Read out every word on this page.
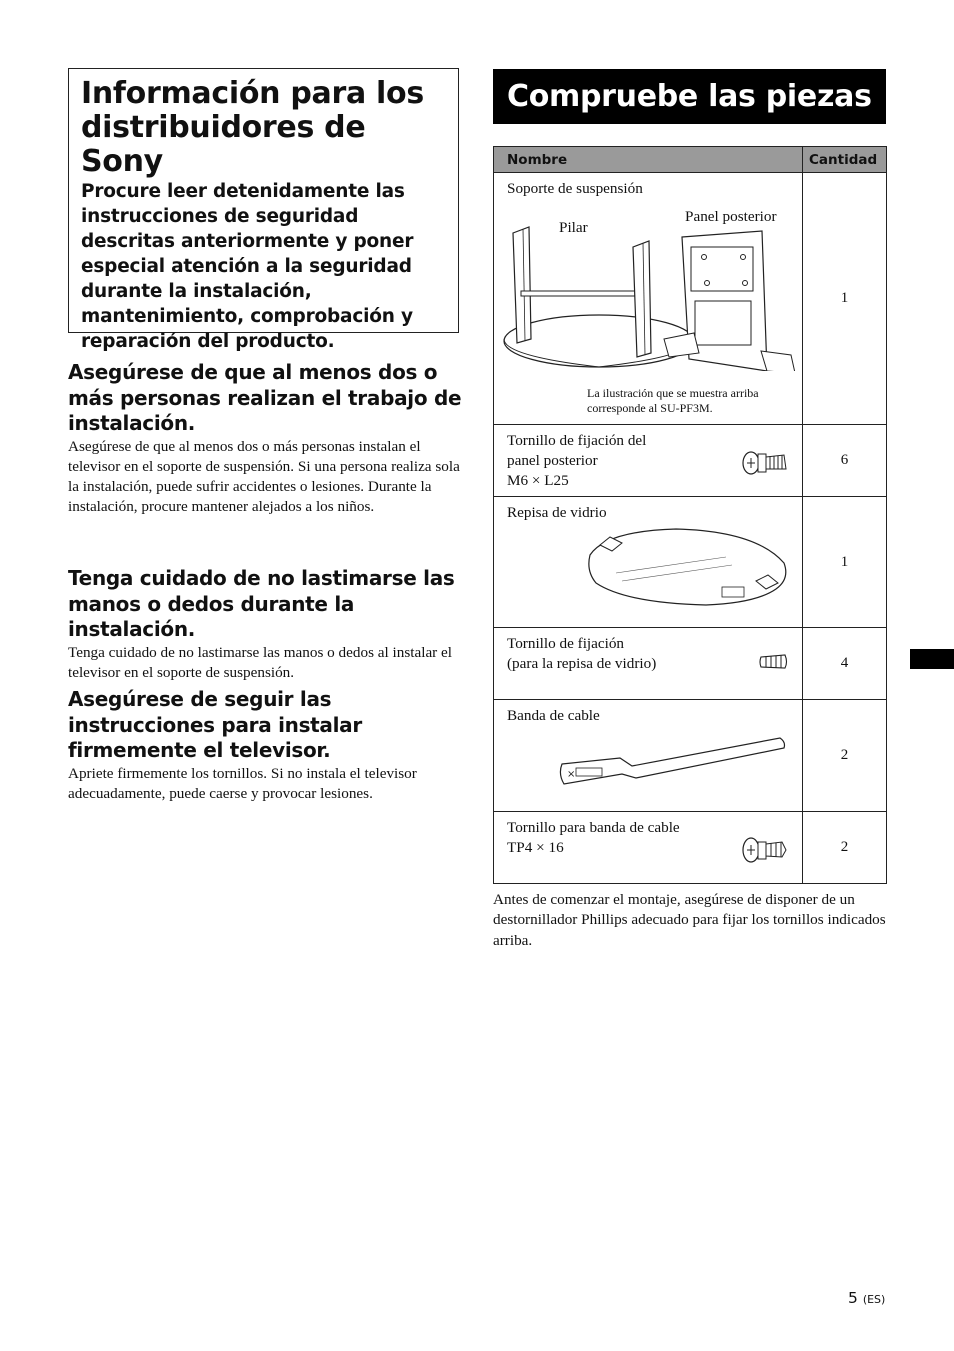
Información para los distribuidores de Sony

Procure leer detenidamente las instrucciones de seguridad descritas anteriormente y poner especial atención a la seguridad durante la instalación, mantenimiento, comprobación y reparación del producto.

Asegúrese de que al menos dos o más personas realizan el trabajo de instalación.

Asegúrese de que al menos dos o más personas instalan el televisor en el soporte de suspensión. Si una persona realiza sola la instalación, puede sufrir accidentes o lesiones. Durante la instalación, procure mantener alejados a los niños.

Tenga cuidado de no lastimarse las manos o dedos durante la instalación.

Tenga cuidado de no lastimarse las manos o dedos al instalar el televisor en el soporte de suspensión.

Asegúrese de seguir las instrucciones para instalar firmemente el televisor.

Apriete firmemente los tornillos. Si no instala el televisor adecuadamente, puede caerse y provocar lesiones.

Compruebe las piezas
Nombre	Cantidad

Soporte de suspensión
Pilar
Panel posterior
La ilustración que se muestra arriba
corresponde al SU-PF3M.	1

Tornillo de fijación del
panel posterior
M6 × L25	6

Repisa de vidrio	1

Tornillo de fijación
(para la repisa de vidrio)	4

Banda de cable
×	2

Tornillo para banda de cable
TP4 × 16	2

Antes de comenzar el montaje, asegúrese de disponer de un destornillador Phillips adecuado para fijar los tornillos indicados arriba.

5 (ES)
